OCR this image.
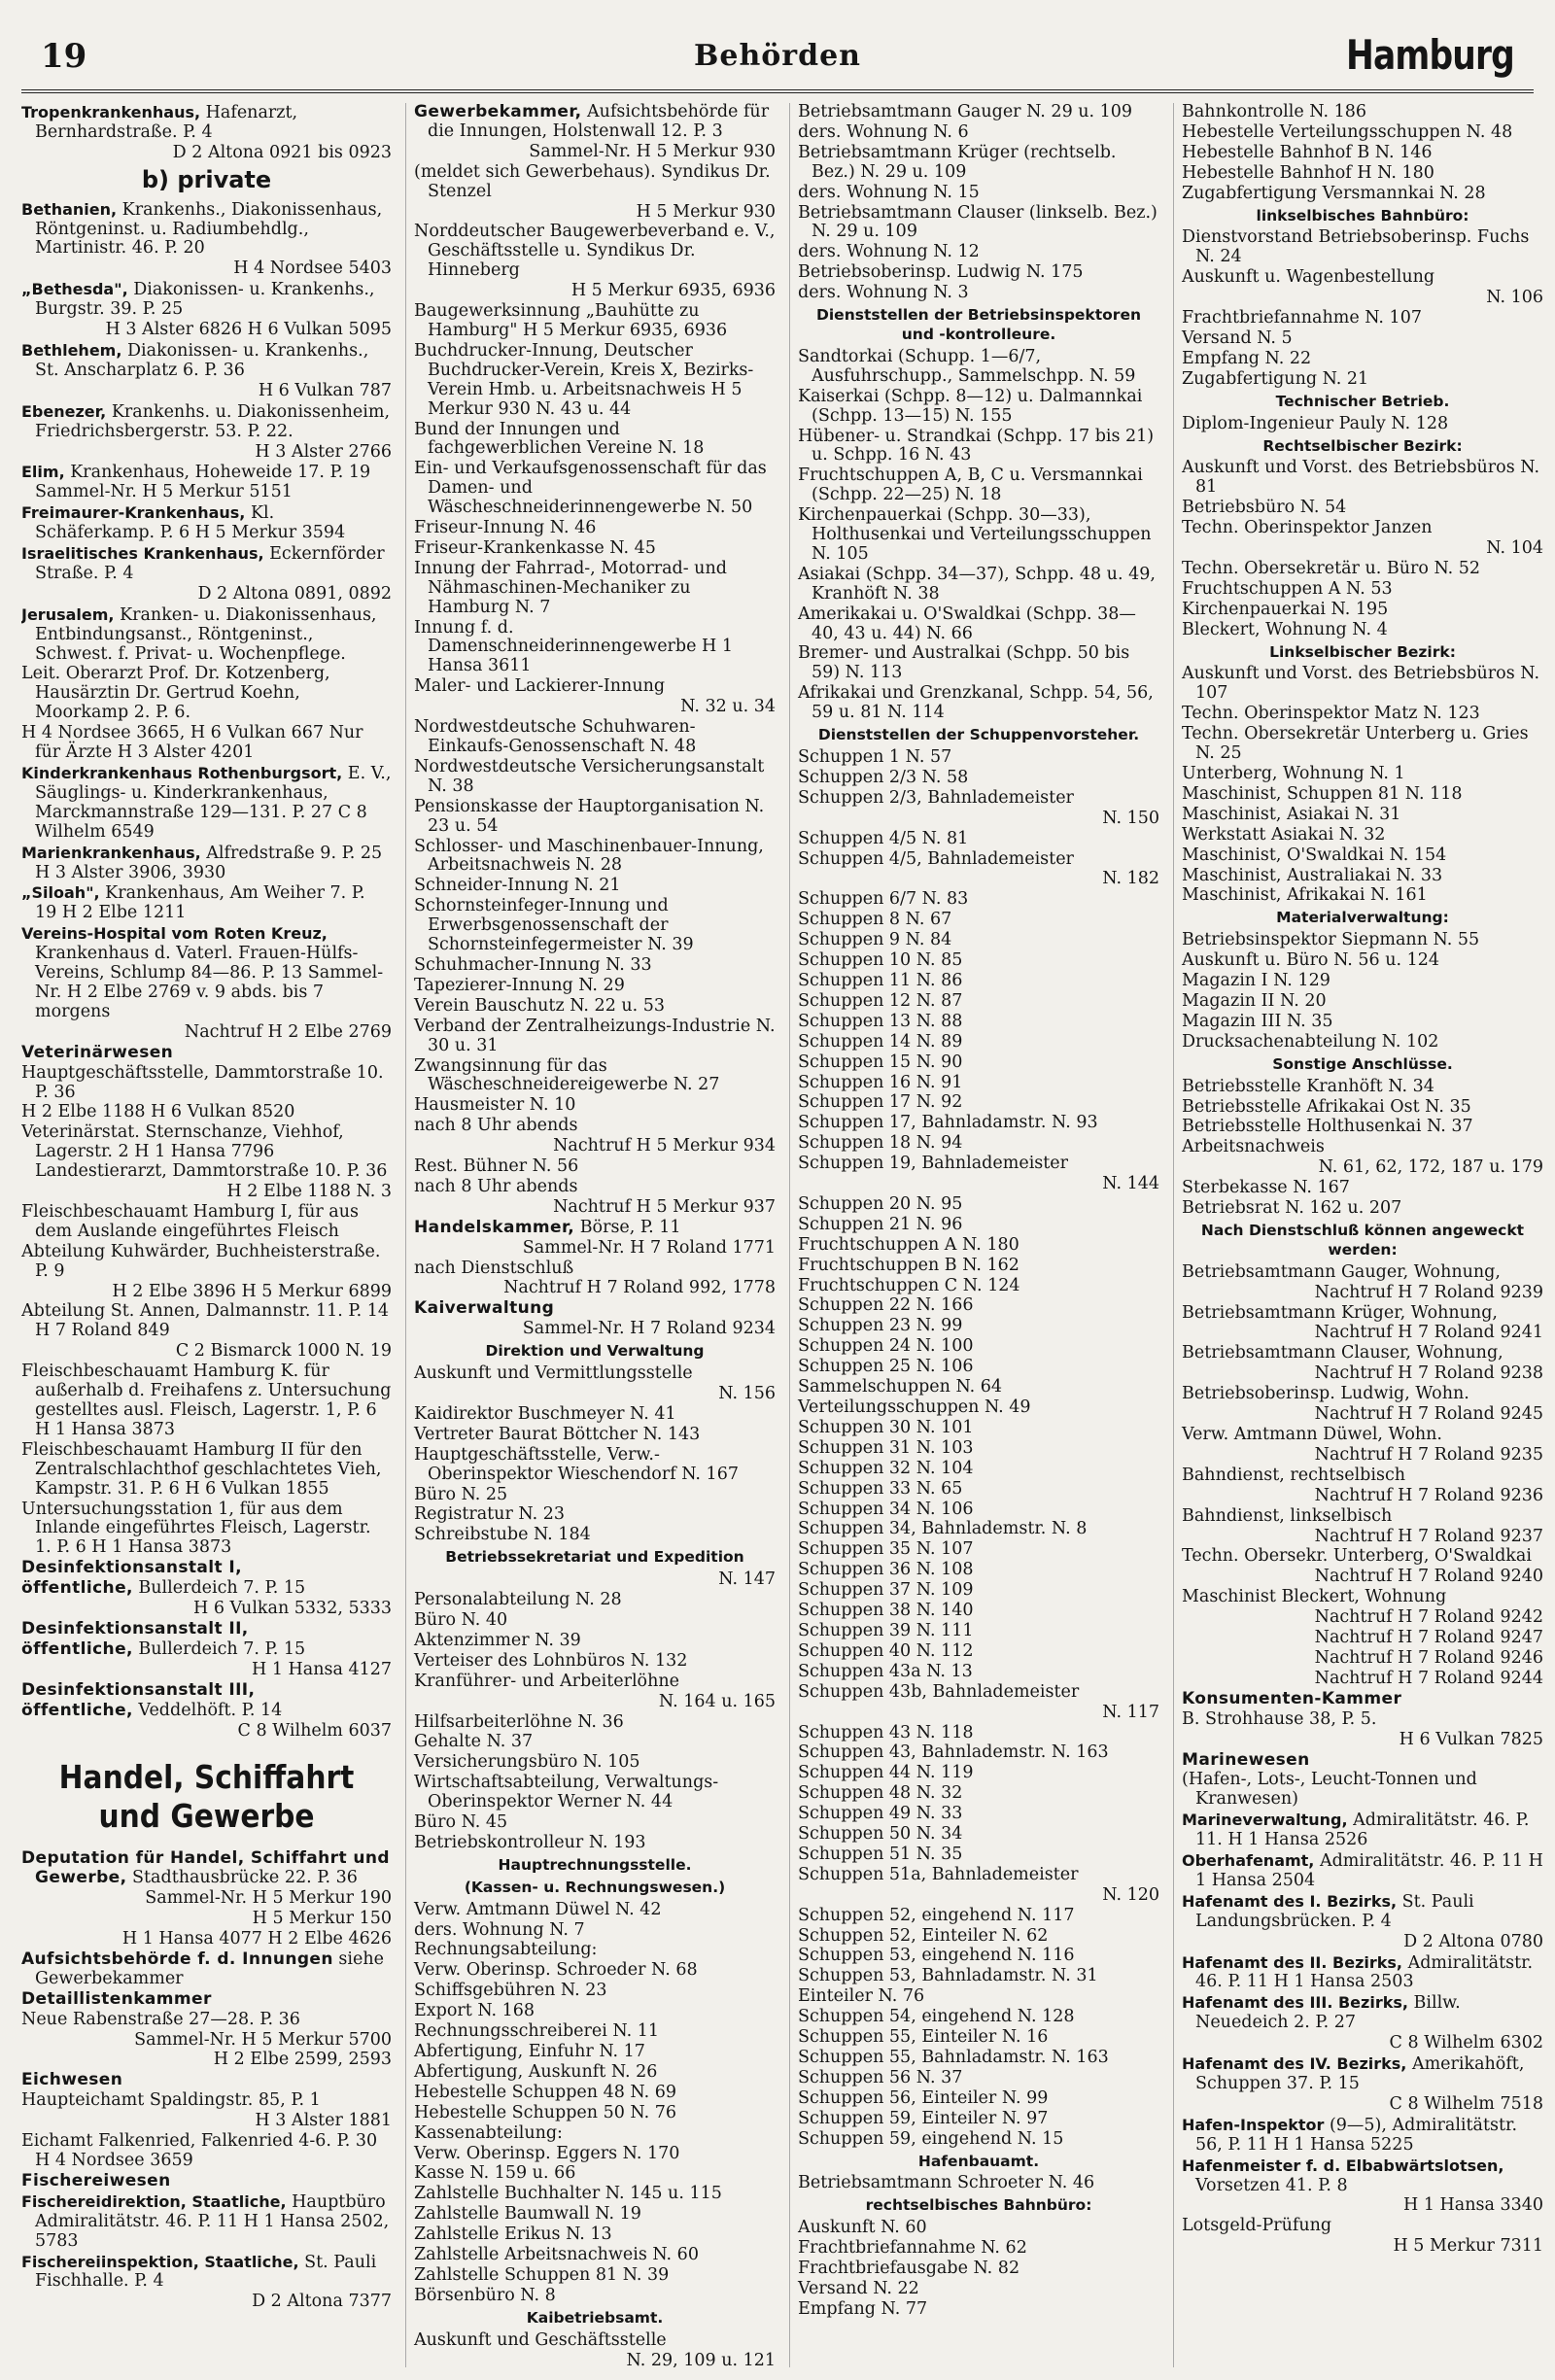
19	Behörden	Hamburg
Tropenkrankenhaus, Hafenarzt, Bernhardstraße. P. 4
D 2 Altona 0921 bis 0923
b) private
Bethanien, Krankenhs., Diakonissenhaus, Röntgeninst. u. Radiumbehdlg., Martinistr. 46. P. 20
H 4 Nordsee 5403
„Bethesda", Diakonissen- u. Krankenhs., Burgstr. 39. P. 25
H 3 Alster 6826 H 6 Vulkan 5095
Bethlehem, Diakonissen- u. Krankenhs., St. Anscharplatz 6. P. 36
H 6 Vulkan 787
Ebenezer, Krankenhs. u. Diakonissenheim, Friedrichsbergerstr. 53. P. 22.
H 3 Alster 2766
Elim, Krankenhaus, Hoheweide 17. P. 19 Sammel-Nr. H 5 Merkur 5151
Freimaurer-Krankenhaus, Kl. Schäferkamp. P. 6 H 5 Merkur 3594
Israelitisches Krankenhaus, Eckernförder Straße. P. 4
D 2 Altona 0891, 0892
Jerusalem, Kranken- u. Diakonissenhaus, Entbindungsanst., Röntgeninst., Schwest. f. Privat- u. Wochenpflege.
Leit. Oberarzt Prof. Dr. Kotzenberg, Hausärztin Dr. Gertrud Koehn, Moorkamp 2. P. 6.
H 4 Nordsee 3665, H 6 Vulkan 667 Nur für Ärzte H 3 Alster 4201
Kinderkrankenhaus Rothenburgsort, E. V., Säuglings- u. Kinderkrankenhaus, Marckmannstraße 129—131. P. 27 C 8 Wilhelm 6549
Marienkrankenhaus, Alfredstraße 9. P. 25 H 3 Alster 3906, 3930
„Siloah", Krankenhaus, Am Weiher 7. P. 19 H 2 Elbe 1211
Vereins-Hospital vom Roten Kreuz, Krankenhaus d. Vaterl. Frauen-Hülfs-Vereins, Schlump 84—86. P. 13 Sammel-Nr. H 2 Elbe 2769 v. 9 abds. bis 7 morgens
Nachtruf H 2 Elbe 2769
Veterinärwesen
Hauptgeschäftsstelle, Dammtorstraße 10. P. 36
H 2 Elbe 1188 H 6 Vulkan 8520
Veterinärstat. Sternschanze, Viehhof, Lagerstr. 2 H 1 Hansa 7796 Landestierarzt, Dammtorstraße 10. P. 36
H 2 Elbe 1188 N. 3
Fleischbeschauamt Hamburg I, für aus dem Auslande eingeführtes Fleisch
Abteilung Kuhwärder, Buchheisterstraße. P. 9
H 2 Elbe 3896 H 5 Merkur 6899
Abteilung St. Annen, Dalmannstr. 11. P. 14 H 7 Roland 849
C 2 Bismarck 1000 N. 19
Fleischbeschauamt Hamburg K. für außerhalb d. Freihafens z. Untersuchung gestelltes ausl. Fleisch, Lagerstr. 1, P. 6 H 1 Hansa 3873
Fleischbeschauamt Hamburg II für den Zentralschlachthof geschlachtetes Vieh, Kampstr. 31. P. 6 H 6 Vulkan 1855
Untersuchungsstation 1, für aus dem Inlande eingeführtes Fleisch, Lagerstr. 1. P. 6 H 1 Hansa 3873
Desinfektionsanstalt I,
öffentliche, Bullerdeich 7. P. 15
H 6 Vulkan 5332, 5333
Desinfektionsanstalt II,
öffentliche, Bullerdeich 7. P. 15
H 1 Hansa 4127
Desinfektionsanstalt III,
öffentliche, Veddelhöft. P. 14
C 8 Wilhelm 6037
Handel, Schiffahrt und Gewerbe
Deputation für Handel, Schiffahrt und Gewerbe, Stadthausbrücke 22. P. 36
Sammel-Nr. H 5 Merkur 190
H 5 Merkur 150
H 1 Hansa 4077 H 2 Elbe 4626
Aufsichtsbehörde f. d. Innungen siehe Gewerbekammer
Detaillistenkammer
Neue Rabenstraße 27—28. P. 36
Sammel-Nr. H 5 Merkur 5700
H 2 Elbe 2599, 2593
Eichwesen
Haupteichamt Spaldingstr. 85, P. 1
H 3 Alster 1881
Eichamt Falkenried, Falkenried 4-6. P. 30 H 4 Nordsee 3659
Fischereiwesen
Fischereidirektion, Staatliche, Hauptbüro Admiralitätstr. 46. P. 11 H 1 Hansa 2502, 5783
Fischereiinspektion, Staatliche, St. Pauli Fischhalle. P. 4
D 2 Altona 7377
Gewerbekammer, Aufsichtsbehörde für die Innungen, Holstenwall 12. P. 3
Sammel-Nr. H 5 Merkur 930
(meldet sich Gewerbehaus). Syndikus Dr. Stenzel
H 5 Merkur 930
Norddeutscher Baugewerbeverband e. V., Geschäftsstelle u. Syndikus Dr. Hinneberg
H 5 Merkur 6935, 6936
Baugewerksinnung „Bauhütte zu Hamburg" H 5 Merkur 6935, 6936
Buchdrucker-Innung, Deutscher Buchdrucker-Verein, Kreis X, Bezirks-Verein Hmb. u. Arbeitsnachweis H 5 Merkur 930 N. 43 u. 44
Bund der Innungen und fachgewerblichen Vereine N. 18
Ein- und Verkaufsgenossenschaft für das Damen- und Wäscheschneiderinnengewerbe N. 50
Friseur-Innung N. 46
Friseur-Krankenkasse N. 45
Innung der Fahrrad-, Motorrad- und Nähmaschinen-Mechaniker zu Hamburg N. 7
Innung f. d. Damenschneiderinnengewerbe H 1 Hansa 3611
Maler- und Lackierer-Innung
N. 32 u. 34
Nordwestdeutsche Schuhwaren-Einkaufs-Genossenschaft N. 48
Nordwestdeutsche Versicherungsanstalt N. 38
Pensionskasse der Hauptorganisation N. 23 u. 54
Schlosser- und Maschinenbauer-Innung, Arbeitsnachweis N. 28
Schneider-Innung N. 21
Schornsteinfeger-Innung und Erwerbsgenossenschaft der Schornsteinfegermeister N. 39
Schuhmacher-Innung N. 33
Tapezierer-Innung N. 29
Verein Bauschutz N. 22 u. 53
Verband der Zentralheizungs-Industrie N. 30 u. 31
Zwangsinnung für das Wäscheschneidereigewerbe N. 27
Hausmeister N. 10
nach 8 Uhr abends
Nachtruf H 5 Merkur 934
Rest. Bühner N. 56
nach 8 Uhr abends
Nachtruf H 5 Merkur 937
Handelskammer, Börse, P. 11
Sammel-Nr. H 7 Roland 1771
nach Dienstschluß
Nachtruf H 7 Roland 992, 1778
Kaiverwaltung
Sammel-Nr. H 7 Roland 9234
Direktion und Verwaltung
Auskunft und Vermittlungsstelle
N. 156
Kaidirektor Buschmeyer N. 41
Vertreter Baurat Böttcher N. 143
Hauptgeschäftsstelle, Verw.-Oberinspektor Wieschendorf N. 167
Büro N. 25
Registratur N. 23
Schreibstube N. 184
Betriebssekretariat und Expedition
N. 147
Personalabteilung N. 28
Büro N. 40
Aktenzimmer N. 39
Verteiser des Lohnbüros N. 132
Kranführer- und Arbeiterlöhne
N. 164 u. 165
Hilfsarbeiterlöhne N. 36
Gehalte N. 37
Versicherungsbüro N. 105
Wirtschaftsabteilung, Verwaltungs-Oberinspektor Werner N. 44
Büro N. 45
Betriebskontrolleur N. 193
Hauptrechnungsstelle.
(Kassen- u. Rechnungswesen.)
Verw. Amtmann Düwel N. 42
ders. Wohnung N. 7
Rechnungsabteilung:
Verw. Oberinsp. Schroeder N. 68
Schiffsgebühren N. 23
Export N. 168
Rechnungsschreiberei N. 11
Abfertigung, Einfuhr N. 17
Abfertigung, Auskunft N. 26
Hebestelle Schuppen 48 N. 69
Hebestelle Schuppen 50 N. 76
Kassenabteilung:
Verw. Oberinsp. Eggers N. 170
Kasse N. 159 u. 66
Zahlstelle Buchhalter N. 145 u. 115
Zahlstelle Baumwall N. 19
Zahlstelle Erikus N. 13
Zahlstelle Arbeitsnachweis N. 60
Zahlstelle Schuppen 81 N. 39
Börsenbüro N. 8
Kaibetriebsamt.
Auskunft und Geschäftsstelle
N. 29, 109 u. 121
Betriebsamtmann Gauger N. 29 u. 109
ders. Wohnung N. 6
Betriebsamtmann Krüger (rechtselb. Bez.) N. 29 u. 109
ders. Wohnung N. 15
Betriebsamtmann Clauser (linkselb. Bez.) N. 29 u. 109
ders. Wohnung N. 12
Betriebsoberinsp. Ludwig N. 175
ders. Wohnung N. 3
Dienststellen der Betriebsinspektoren und -kontrolleure.
Sandtorkai (Schupp. 1—6/7, Ausfuhrschupp., Sammelschpp. N. 59
Kaiserkai (Schpp. 8—12) u. Dalmannkai (Schpp. 13—15) N. 155
Hübener- u. Strandkai (Schpp. 17 bis 21) u. Schpp. 16 N. 43
Fruchtschuppen A, B, C u. Versmannkai (Schpp. 22—25) N. 18
Kirchenpauerkai (Schpp. 30—33), Holthusenkai und Verteilungsschuppen N. 105
Asiakai (Schpp. 34—37), Schpp. 48 u. 49, Kranhöft N. 38
Amerikakai u. O'Swaldkai (Schpp. 38—40, 43 u. 44) N. 66
Bremer- und Australkai (Schpp. 50 bis 59) N. 113
Afrikakai und Grenzkanal, Schpp. 54, 56, 59 u. 81 N. 114
Dienststellen der Schuppenvorsteher.
Schuppen 1 N. 57
Schuppen 2/3 N. 58
Schuppen 2/3, Bahnlademeister
N. 150
Schuppen 4/5 N. 81
Schuppen 4/5, Bahnlademeister
N. 182
Schuppen 6/7 N. 83
Schuppen 8 N. 67
Schuppen 9 N. 84
Schuppen 10 N. 85
Schuppen 11 N. 86
Schuppen 12 N. 87
Schuppen 13 N. 88
Schuppen 14 N. 89
Schuppen 15 N. 90
Schuppen 16 N. 91
Schuppen 17 N. 92
Schuppen 17, Bahnladamstr. N. 93
Schuppen 18 N. 94
Schuppen 19, Bahnlademeister
N. 144
Schuppen 20 N. 95
Schuppen 21 N. 96
Fruchtschuppen A N. 180
Fruchtschuppen B N. 162
Fruchtschuppen C N. 124
Schuppen 22 N. 166
Schuppen 23 N. 99
Schuppen 24 N. 100
Schuppen 25 N. 106
Sammelschuppen N. 64
Verteilungsschuppen N. 49
Schuppen 30 N. 101
Schuppen 31 N. 103
Schuppen 32 N. 104
Schuppen 33 N. 65
Schuppen 34 N. 106
Schuppen 34, Bahnlademstr. N. 8
Schuppen 35 N. 107
Schuppen 36 N. 108
Schuppen 37 N. 109
Schuppen 38 N. 140
Schuppen 39 N. 111
Schuppen 40 N. 112
Schuppen 43a N. 13
Schuppen 43b, Bahnlademeister
N. 117
Schuppen 43 N. 118
Schuppen 43, Bahnlademstr. N. 163
Schuppen 44 N. 119
Schuppen 48 N. 32
Schuppen 49 N. 33
Schuppen 50 N. 34
Schuppen 51 N. 35
Schuppen 51a, Bahnlademeister
N. 120
Schuppen 52, eingehend N. 117
Schuppen 52, Einteiler N. 62
Schuppen 53, eingehend N. 116
Schuppen 53, Bahnladamstr. N. 31
Einteiler N. 76
Schuppen 54, eingehend N. 128
Schuppen 55, Einteiler N. 16
Schuppen 55, Bahnladamstr. N. 163
Schuppen 56 N. 37
Schuppen 56, Einteiler N. 99
Schuppen 59, Einteiler N. 97
Schuppen 59, eingehend N. 15
Hafenbauamt.
Betriebsamtmann Schroeter N. 46
rechtselbisches Bahnbüro:
Auskunft N. 60
Frachtbriefannahme N. 62
Frachtbriefausgabe N. 82
Versand N. 22
Empfang N. 77
Bahnkontrolle N. 186
Hebestelle Verteilungsschuppen N. 48
Hebestelle Bahnhof B N. 146
Hebestelle Bahnhof H N. 180
Zugabfertigung Versmannkai N. 28
linkselbisches Bahnbüro:
Dienstvorstand Betriebsoberinsp. Fuchs N. 24
Auskunft u. Wagenbestellung
N. 106
Frachtbriefannahme N. 107
Versand N. 5
Empfang N. 22
Zugabfertigung N. 21
Technischer Betrieb.
Diplom-Ingenieur Pauly N. 128
Rechtselbischer Bezirk:
Auskunft und Vorst. des Betriebsbüros N. 81
Betriebsbüro N. 54
Techn. Oberinspektor Janzen
N. 104
Techn. Obersekretär u. Büro N. 52
Fruchtschuppen A N. 53
Kirchenpauerkai N. 195
Bleckert, Wohnung N. 4
Linkselbischer Bezirk:
Auskunft und Vorst. des Betriebsbüros N. 107
Techn. Oberinspektor Matz N. 123
Techn. Obersekretär Unterberg u. Gries N. 25
Unterberg, Wohnung N. 1
Maschinist, Schuppen 81 N. 118
Maschinist, Asiakai N. 31
Werkstatt Asiakai N. 32
Maschinist, O'Swaldkai N. 154
Maschinist, Australiakai N. 33
Maschinist, Afrikakai N. 161
Materialverwaltung:
Betriebsinspektor Siepmann N. 55
Auskunft u. Büro N. 56 u. 124
Magazin I N. 129
Magazin II N. 20
Magazin III N. 35
Drucksachenabteilung N. 102
Sonstige Anschlüsse.
Betriebsstelle Kranhöft N. 34
Betriebsstelle Afrikakai Ost N. 35
Betriebsstelle Holthusenkai N. 37
Arbeitsnachweis
N. 61, 62, 172, 187 u. 179
Sterbekasse N. 167
Betriebsrat N. 162 u. 207
Nach Dienstschluß können angeweckt werden:
Betriebsamtmann Gauger, Wohnung,
Nachtruf H 7 Roland 9239
Betriebsamtmann Krüger, Wohnung,
Nachtruf H 7 Roland 9241
Betriebsamtmann Clauser, Wohnung,
Nachtruf H 7 Roland 9238
Betriebsoberinsp. Ludwig, Wohn.
Nachtruf H 7 Roland 9245
Verw. Amtmann Düwel, Wohn.
Nachtruf H 7 Roland 9235
Bahndienst, rechtselbisch
Nachtruf H 7 Roland 9236
Bahndienst, linkselbisch
Nachtruf H 7 Roland 9237
Techn. Obersekr. Unterberg, O'Swaldkai
Nachtruf H 7 Roland 9240
Maschinist Bleckert, Wohnung
Nachtruf H 7 Roland 9242
Nachtruf H 7 Roland 9247
Nachtruf H 7 Roland 9246
Nachtruf H 7 Roland 9244
Konsumenten-Kammer
B. Strohhause 38, P. 5.
H 6 Vulkan 7825
Marinewesen
(Hafen-, Lots-, Leucht-Tonnen und Kranwesen)
Marineverwaltung, Admiralitätstr. 46. P. 11. H 1 Hansa 2526
Oberhafenamt, Admiralitätstr. 46. P. 11 H 1 Hansa 2504
Hafenamt des I. Bezirks, St. Pauli Landungsbrücken. P. 4
D 2 Altona 0780
Hafenamt des II. Bezirks, Admiralitätstr. 46. P. 11 H 1 Hansa 2503
Hafenamt des III. Bezirks, Billw. Neuedeich 2. P. 27
C 8 Wilhelm 6302
Hafenamt des IV. Bezirks, Amerikahöft, Schuppen 37. P. 15
C 8 Wilhelm 7518
Hafen-Inspektor (9—5), Admiralitätstr. 56, P. 11 H 1 Hansa 5225
Hafenmeister f. d. Elbabwärtslotsen, Vorsetzen 41. P. 8
H 1 Hansa 3340
Lotsgeld-Prüfung
H 5 Merkur 7311
